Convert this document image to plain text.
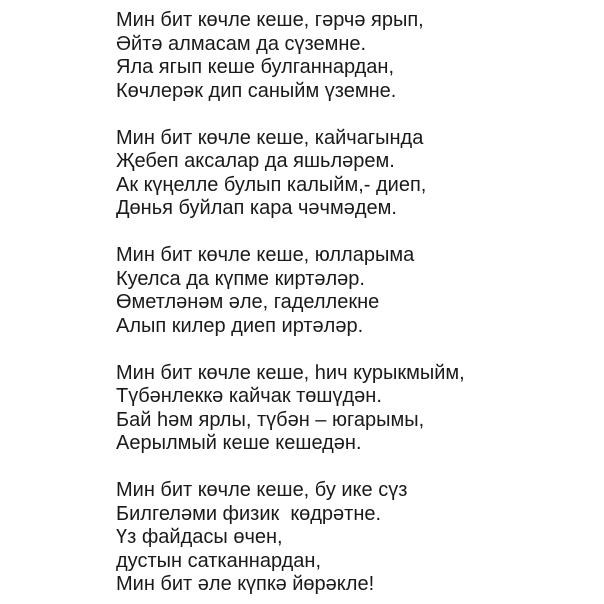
Мин бит көчле кеше, гәрчә ярып,
Әйтә алмасам да сүземне.
Яла ягып кеше булганнардан,
Көчлерәк дип саныйм үземне.
Мин бит көчле кеше, кайчагында
Җебеп аксалар да яшьләрем.
Ак күңелле булып калыйм,- диеп,
Дөнья буйлап кара чәчмәдем.
Мин бит көчле кеше, юлларыма
Куелса да күпме киртәләр.
Өметләнәм әле, гаделлекне
Алып килер диеп иртәләр.
Мин бит көчле кеше, һич курыкмыйм,
Түбәнлеккә кайчак төшүдән.
Бай һәм ярлы, түбән – югарымы,
Аерылмый кеше кешедән.
Мин бит көчле кеше, бу ике сүз
Билгеләми физик  көдрәтне.
Үз файдасы өчен,
дустын сатканнардан,
Мин бит әле күпкә йөрәкле!
